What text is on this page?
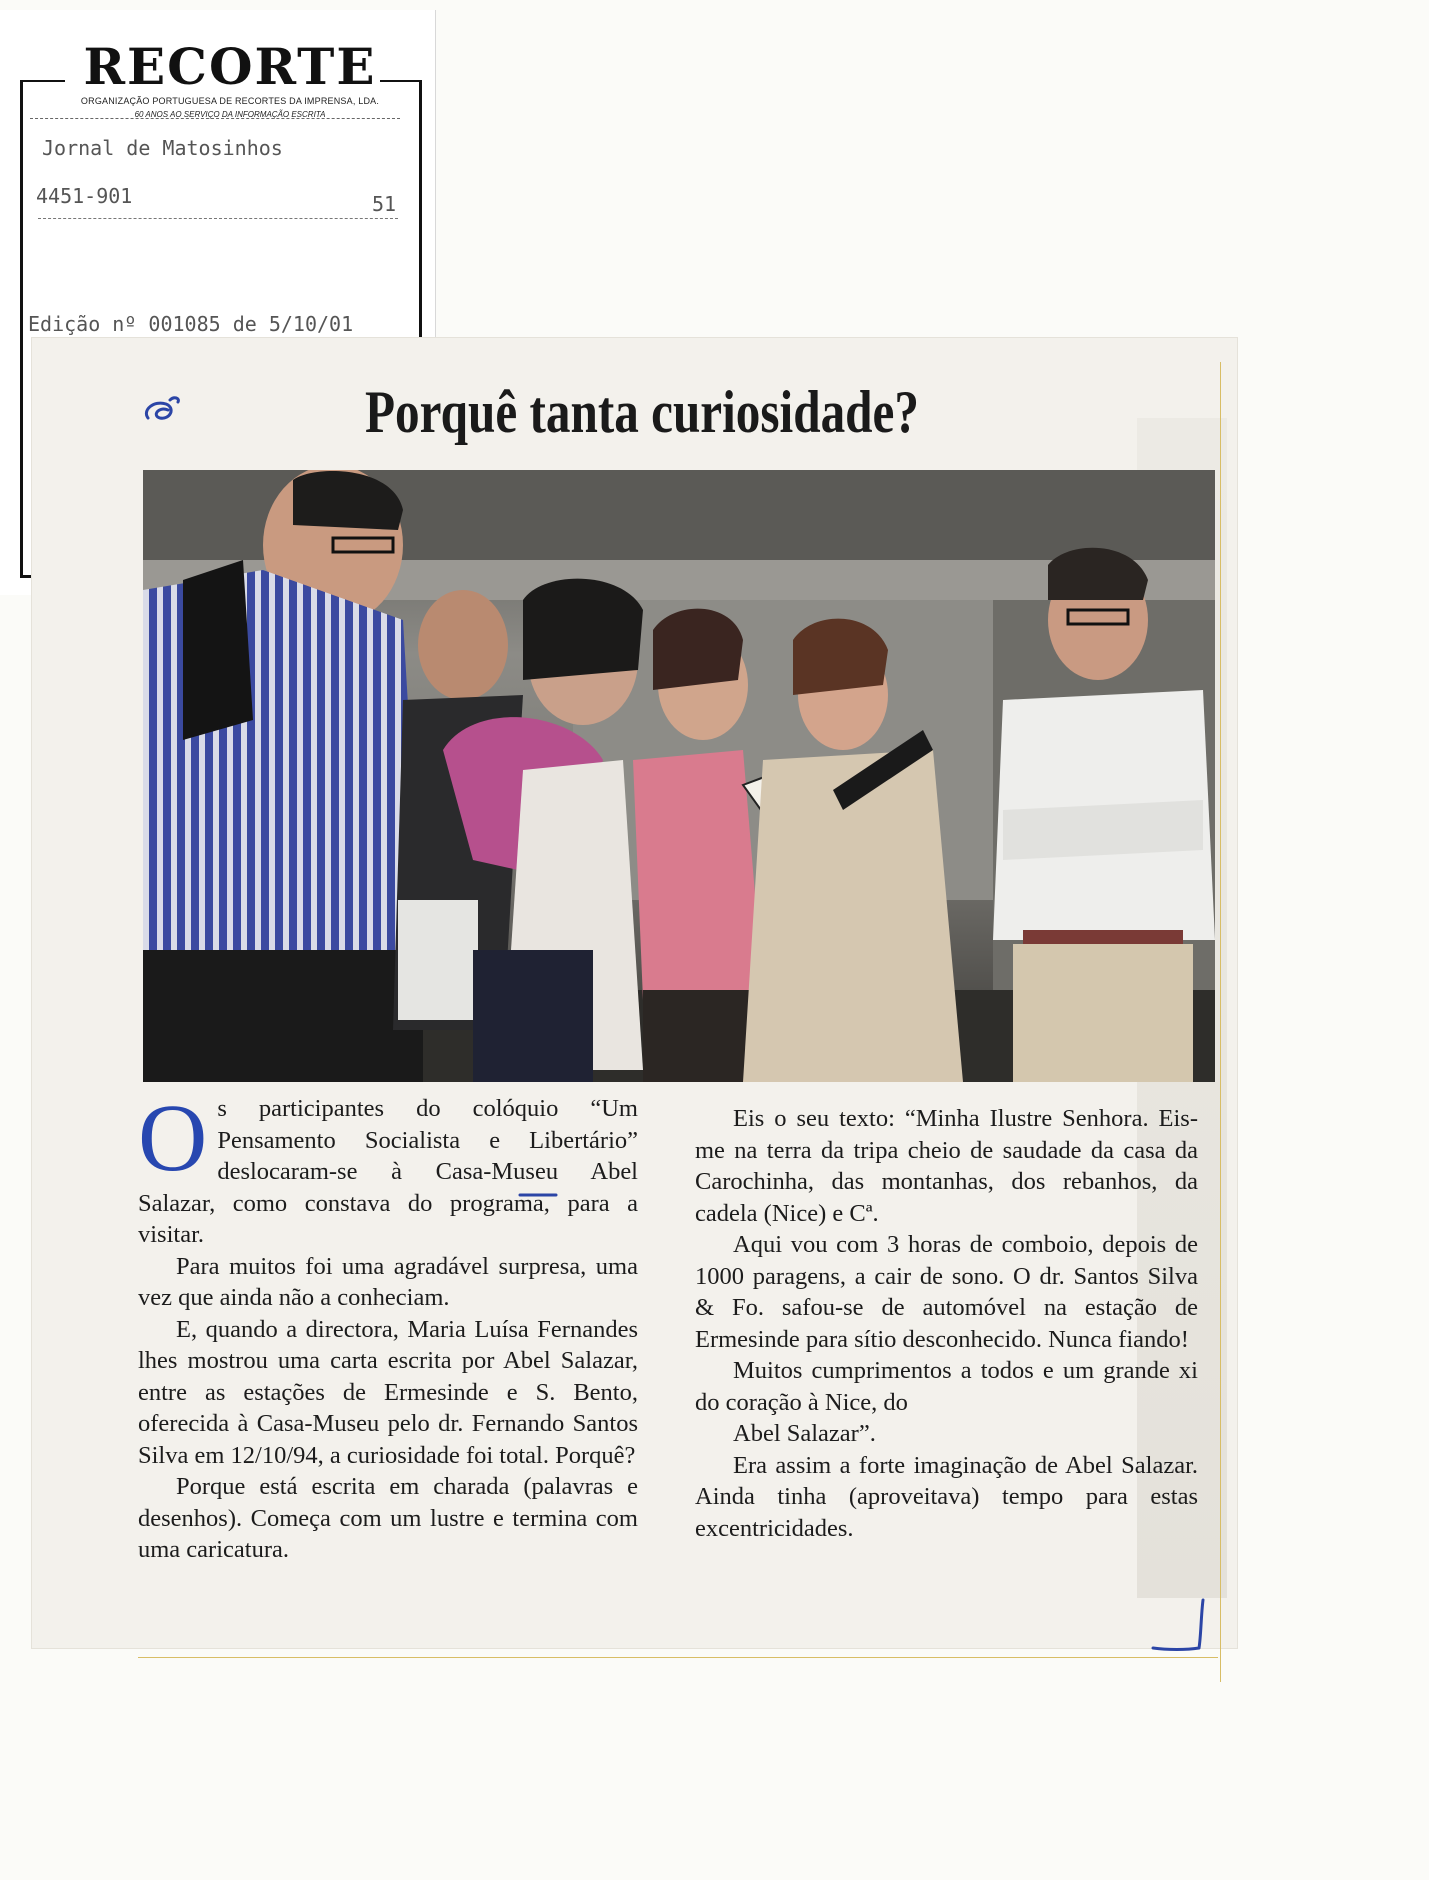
RECORTE
ORGANIZAÇÃO PORTUGUESA DE RECORTES DA IMPRENSA, LDA.
60 ANOS AO SERVIÇO DA INFORMAÇÃO ESCRITA
Jornal de Matosinhos
4451-901	51
Edição nº 001085 de 5/10/01
Porquê tanta curiosidade?

Os participantes do colóquio “Um Pensamento Socialista e Libertário” deslocaram-se à Casa-Museu Abel Salazar, como constava do programa, para a visitar.

Para muitos foi uma agradável surpresa, uma vez que ainda não a conheciam.

E, quando a directora, Maria Luísa Fernandes lhes mostrou uma carta escrita por Abel Salazar, entre as estações de Ermesinde e S. Bento, oferecida à Casa-Museu pelo dr. Fernando Santos Silva em 12/10/94, a curiosidade foi total. Porquê?

Porque está escrita em charada (palavras e desenhos). Começa com um lustre e termina com uma caricatura.

Eis o seu texto: “Minha Ilustre Senhora. Eis-me na terra da tripa cheio de saudade da casa da Carochinha, das montanhas, dos rebanhos, da cadela (Nice) e Cª.

Aqui vou com 3 horas de comboio, depois de 1000 paragens, a cair de sono. O dr. Santos Silva & Fo. safou-se de automóvel na estação de Ermesinde para sítio desconhecido. Nunca fiando!

Muitos cumprimentos a todos e um grande xi do coração à Nice, do

Abel Salazar”.

Era assim a forte imaginação de Abel Salazar. Ainda tinha (aproveitava) tempo para estas excentricidades.
